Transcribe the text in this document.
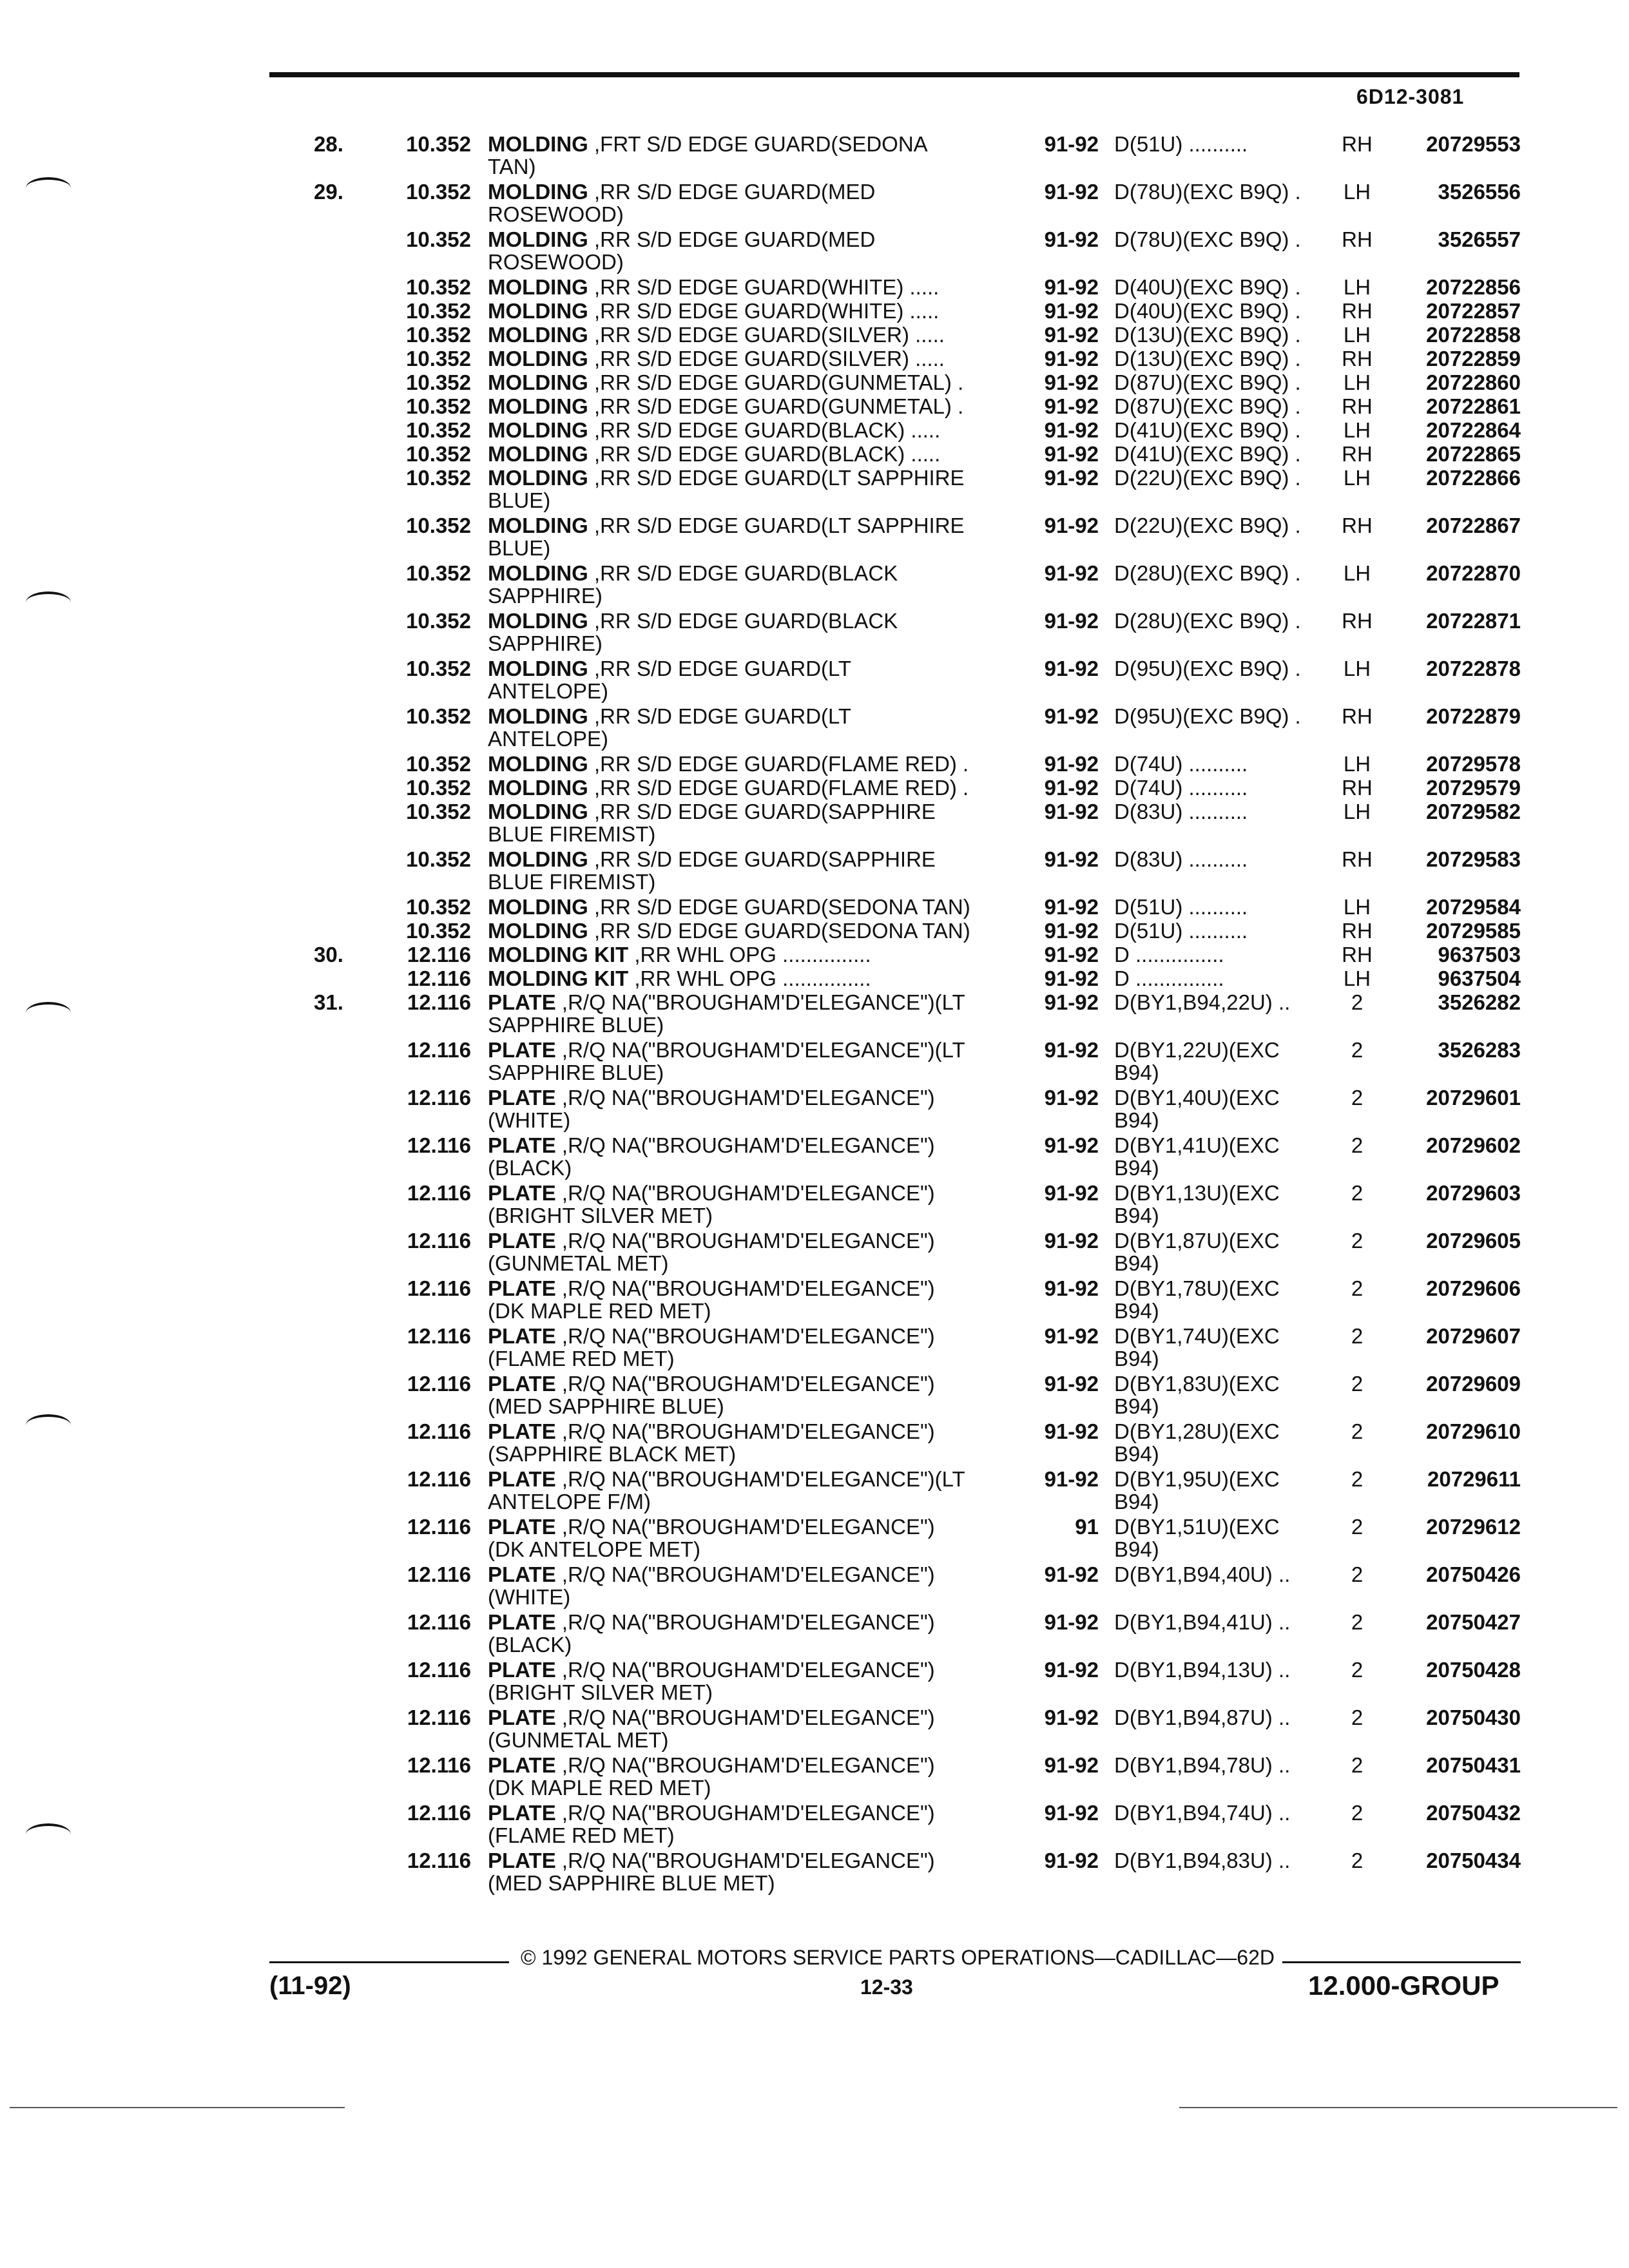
6D12-3081
28.	10.352 MOLDING ,FRT S/D EDGE GUARD(SEDONA
TAN)
91-92 D(51U) ..........	RH	20729553
29.	10.352 MOLDING ,RR S/D EDGE GUARD(MED
ROSEWOOD)
91-92 D(78U)(EXC B9Q) .	LH	3526556
10.352 MOLDING ,RR S/D EDGE GUARD(MED
ROSEWOOD)
91-92 D(78U)(EXC B9Q) .	RH	3526557
10.352 MOLDING ,RR S/D EDGE GUARD(WHITE) .....	91-92 D(40U)(EXC B9Q) .	LH	20722856
10.352 MOLDING ,RR S/D EDGE GUARD(WHITE) .....	91-92 D(40U)(EXC B9Q) .	RH	20722857
10.352 MOLDING ,RR S/D EDGE GUARD(SILVER) .....	91-92 D(13U)(EXC B9Q) .	LH	20722858
10.352 MOLDING ,RR S/D EDGE GUARD(SILVER) .....	91-92 D(13U)(EXC B9Q) .	RH	20722859
10.352 MOLDING ,RR S/D EDGE GUARD(GUNMETAL) .	91-92 D(87U)(EXC B9Q) .	LH	20722860
10.352 MOLDING ,RR S/D EDGE GUARD(GUNMETAL) .	91-92 D(87U)(EXC B9Q) .	RH	20722861
10.352 MOLDING ,RR S/D EDGE GUARD(BLACK) .....	91-92 D(41U)(EXC B9Q) .	LH	20722864
10.352 MOLDING ,RR S/D EDGE GUARD(BLACK) .....	91-92 D(41U)(EXC B9Q) .	RH	20722865
10.352 MOLDING ,RR S/D EDGE GUARD(LT SAPPHIRE
BLUE)
91-92 D(22U)(EXC B9Q) .	LH	20722866
10.352 MOLDING ,RR S/D EDGE GUARD(LT SAPPHIRE
BLUE)
91-92 D(22U)(EXC B9Q) .	RH	20722867
10.352 MOLDING ,RR S/D EDGE GUARD(BLACK
SAPPHIRE)
91-92 D(28U)(EXC B9Q) .	LH	20722870
10.352 MOLDING ,RR S/D EDGE GUARD(BLACK
SAPPHIRE)
91-92 D(28U)(EXC B9Q) .	RH	20722871
10.352 MOLDING ,RR S/D EDGE GUARD(LT
ANTELOPE)
91-92 D(95U)(EXC B9Q) .	LH	20722878
10.352 MOLDING ,RR S/D EDGE GUARD(LT
ANTELOPE)
91-92 D(95U)(EXC B9Q) .	RH	20722879
10.352 MOLDING ,RR S/D EDGE GUARD(FLAME RED) .	91-92 D(74U) ..........	LH	20729578
10.352 MOLDING ,RR S/D EDGE GUARD(FLAME RED) .	91-92 D(74U) ..........	RH	20729579
10.352 MOLDING ,RR S/D EDGE GUARD(SAPPHIRE
BLUE FIREMIST)
91-92 D(83U) ..........	LH	20729582
10.352 MOLDING ,RR S/D EDGE GUARD(SAPPHIRE
BLUE FIREMIST)
91-92 D(83U) ..........	RH	20729583
10.352 MOLDING ,RR S/D EDGE GUARD(SEDONA TAN)	91-92 D(51U) ..........	LH	20729584
10.352 MOLDING ,RR S/D EDGE GUARD(SEDONA TAN)	91-92 D(51U) ..........	RH	20729585
30.	12.116 MOLDING KIT ,RR WHL OPG ...............	91-92 D ...............	RH	9637503
12.116 MOLDING KIT ,RR WHL OPG ...............	91-92 D ...............	LH	9637504
31.	12.116 PLATE ,R/Q NA("BROUGHAM'D'ELEGANCE")(LT
SAPPHIRE BLUE)
91-92 D(BY1,B94,22U) ..	2	3526282
12.116 PLATE ,R/Q NA("BROUGHAM'D'ELEGANCE")(LT
SAPPHIRE BLUE)
91-92 D(BY1,22U)(EXC
B94)
2	3526283
12.116 PLATE ,R/Q NA("BROUGHAM'D'ELEGANCE")
(WHITE)
91-92 D(BY1,40U)(EXC
B94)
2	20729601
12.116 PLATE ,R/Q NA("BROUGHAM'D'ELEGANCE")
(BLACK)
91-92 D(BY1,41U)(EXC
B94)
2	20729602
12.116 PLATE ,R/Q NA("BROUGHAM'D'ELEGANCE")
(BRIGHT SILVER MET)
91-92 D(BY1,13U)(EXC
B94)
2	20729603
12.116 PLATE ,R/Q NA("BROUGHAM'D'ELEGANCE")
(GUNMETAL MET)
91-92 D(BY1,87U)(EXC
B94)
2	20729605
12.116 PLATE ,R/Q NA("BROUGHAM'D'ELEGANCE")
(DK MAPLE RED MET)
91-92 D(BY1,78U)(EXC
B94)
2	20729606
12.116 PLATE ,R/Q NA("BROUGHAM'D'ELEGANCE")
(FLAME RED MET)
91-92 D(BY1,74U)(EXC
B94)
2	20729607
12.116 PLATE ,R/Q NA("BROUGHAM'D'ELEGANCE")
(MED SAPPHIRE BLUE)
91-92 D(BY1,83U)(EXC
B94)
2	20729609
12.116 PLATE ,R/Q NA("BROUGHAM'D'ELEGANCE")
(SAPPHIRE BLACK MET)
91-92 D(BY1,28U)(EXC
B94)
2	20729610
12.116 PLATE ,R/Q NA("BROUGHAM'D'ELEGANCE")(LT
ANTELOPE F/M)
91-92 D(BY1,95U)(EXC
B94)
2	20729611
12.116 PLATE ,R/Q NA("BROUGHAM'D'ELEGANCE")
(DK ANTELOPE MET)
91 D(BY1,51U)(EXC
B94)
2	20729612
12.116 PLATE ,R/Q NA("BROUGHAM'D'ELEGANCE")
(WHITE)
91-92 D(BY1,B94,40U) ..	2	20750426
12.116 PLATE ,R/Q NA("BROUGHAM'D'ELEGANCE")
(BLACK)
91-92 D(BY1,B94,41U) ..	2	20750427
12.116 PLATE ,R/Q NA("BROUGHAM'D'ELEGANCE")
(BRIGHT SILVER MET)
91-92 D(BY1,B94,13U) ..	2	20750428
12.116 PLATE ,R/Q NA("BROUGHAM'D'ELEGANCE")
(GUNMETAL MET)
91-92 D(BY1,B94,87U) ..	2	20750430
12.116 PLATE ,R/Q NA("BROUGHAM'D'ELEGANCE")
(DK MAPLE RED MET)
91-92 D(BY1,B94,78U) ..	2	20750431
12.116 PLATE ,R/Q NA("BROUGHAM'D'ELEGANCE")
(FLAME RED MET)
91-92 D(BY1,B94,74U) ..	2	20750432
12.116 PLATE ,R/Q NA("BROUGHAM'D'ELEGANCE")
(MED SAPPHIRE BLUE MET)
91-92 D(BY1,B94,83U) ..	2	20750434
© 1992 GENERAL MOTORS SERVICE PARTS OPERATIONS—CADILLAC—62D
(11-92)	12-33	12.000-GROUP
